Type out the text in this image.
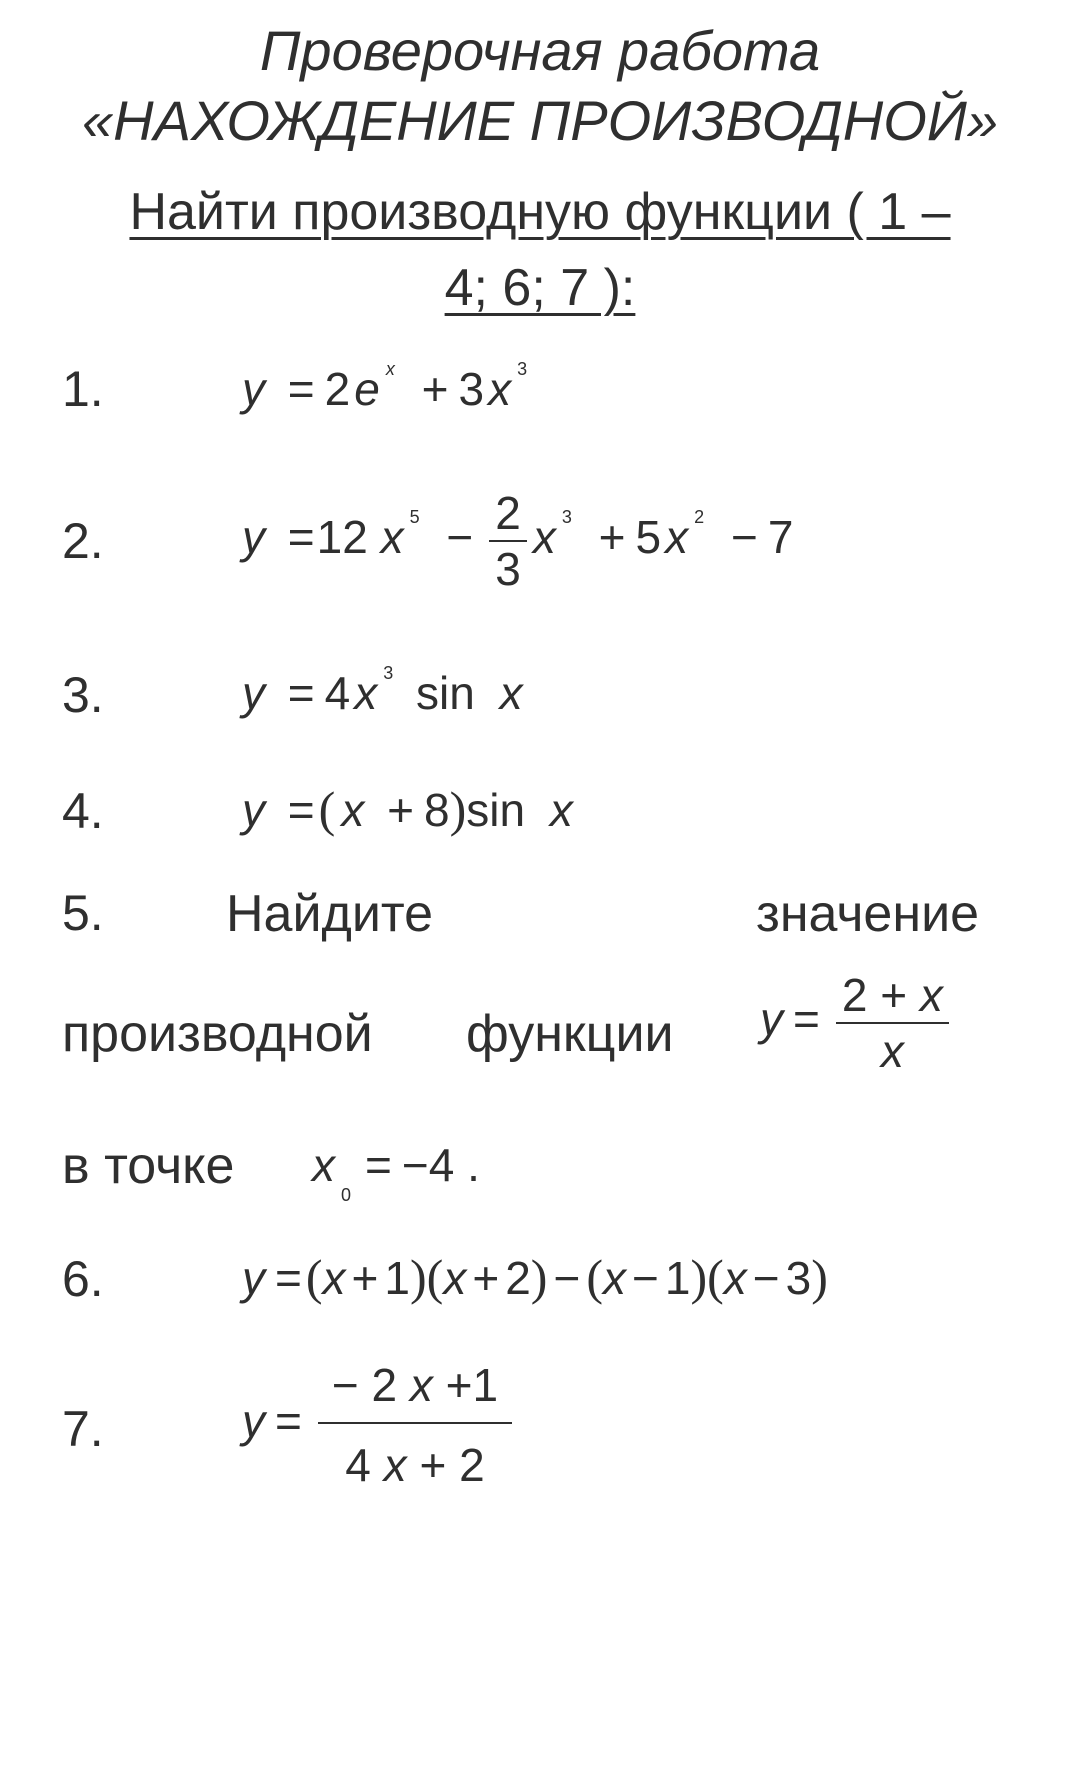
Проверочная работа
«НАХОЖДЕНИЕ ПРОИЗВОДНОЙ»
Найти производную функции ( 1 –
4; 6; 7 ):
1.	y = 2e $^x$ + 3x $^3$
2.	y =12 x $^5 - \frac{2}{3}$ x $^3$ + 5x $^2$ − 7
3.	y = 4x $^3$ sin x
4.	y =( x + 8)sin x
5. Найдите	значение
производной функции $y = \frac{2 + x}{x}$
в точке $x_0= -4$ .
6.	y =(x + 1)(x + 2) − (x − 1)(x − 3)
7.	$y = \frac{- 2 x +1}{4 x + 2}$
